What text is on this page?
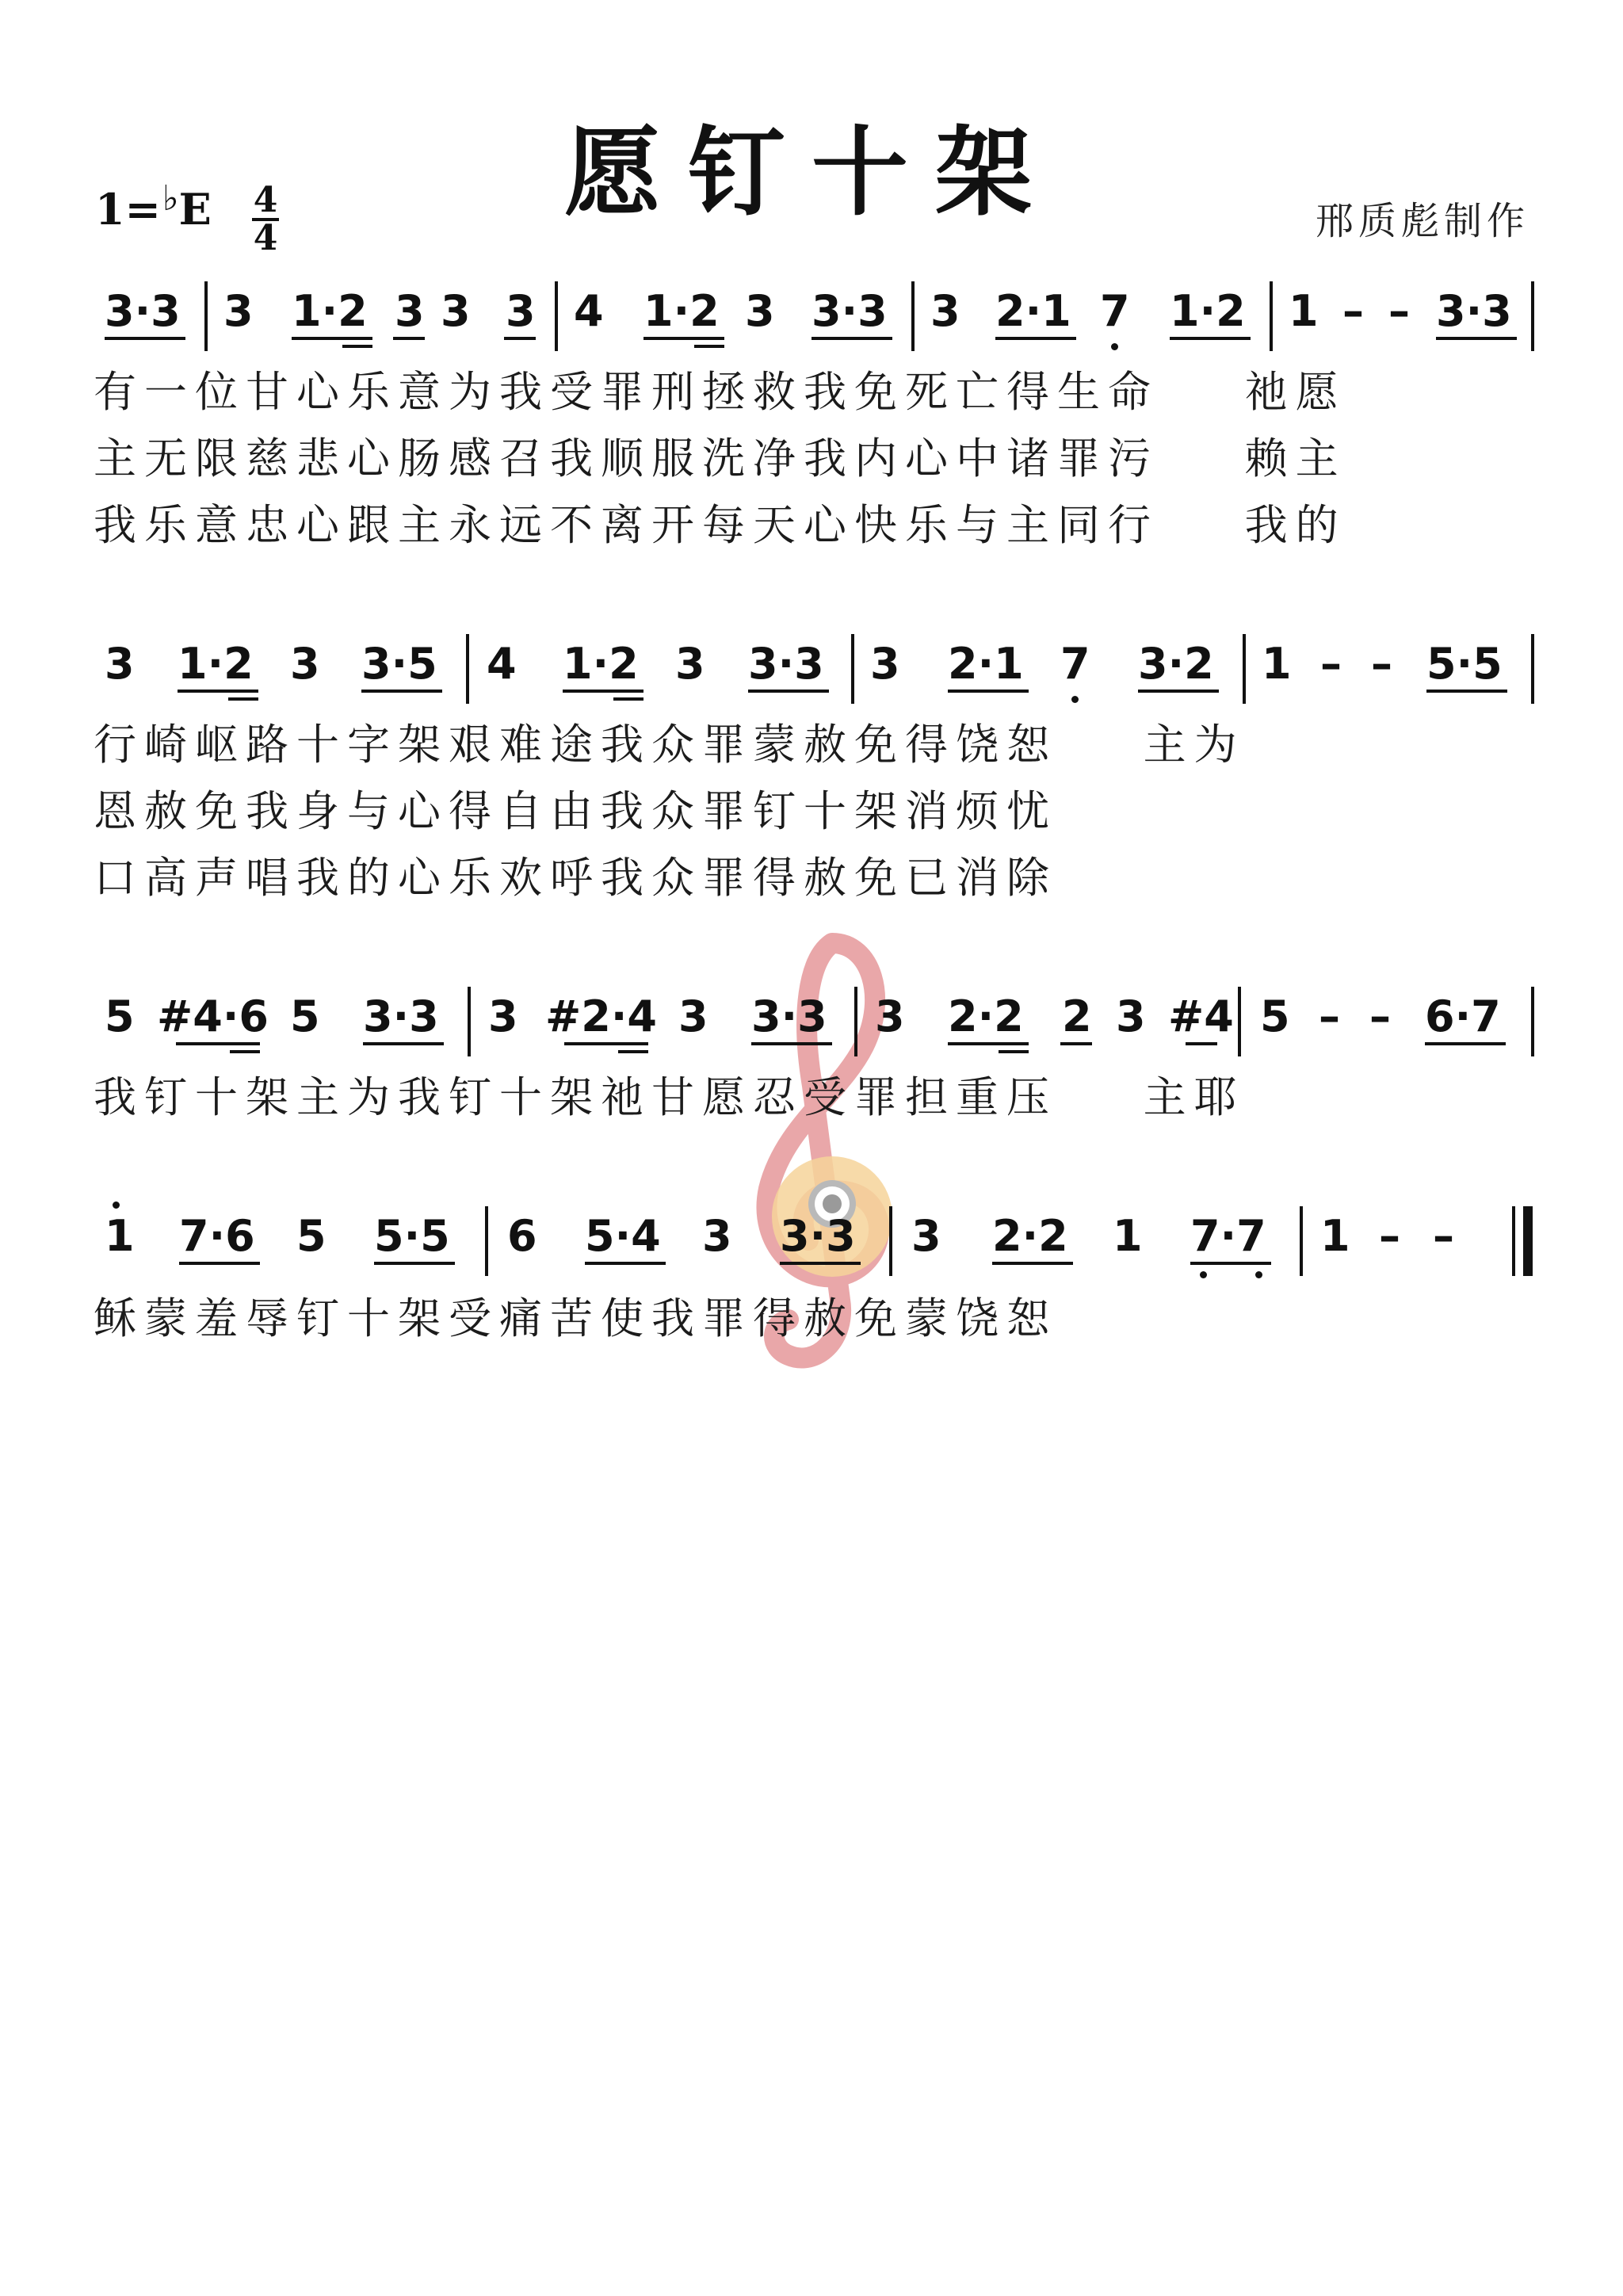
愿钉十架
1=♭E 4
4	邢质彪制作
3·3 3 1·2 3 3 3 4 1·2 3 3·3 3 2·1 7 1·2 1 – – 3·3
有一位甘心乐意为我受罪刑拯救我免死亡得生命    祂愿
主无限慈悲心肠感召我顺服洗净我内心中诸罪污    赖主
我乐意忠心跟主永远不离开每天心快乐与主同行    我的
3 1·2 3 3·5 4 1·2 3 3·3 3 2·1 7 3·2 1 – – 5·5
行崎岖路十字架艰难途我众罪蒙赦免得饶恕    主为
恩赦免我身与心得自由我众罪钉十架消烦忧
口高声唱我的心乐欢呼我众罪得赦免已消除
5 #4·6 5 3·3 3 #2·4 3 3·3 3 2·2 2 3 #4 5 – – 6·7
我钉十架主为我钉十架祂甘愿忍受罪担重压    主耶
1 7·6 5 5·5 6 5·4 3 3·3 3 2·2 1 7·7 1 – –
稣蒙羞辱钉十架受痛苦使我罪得赦免蒙饶恕
